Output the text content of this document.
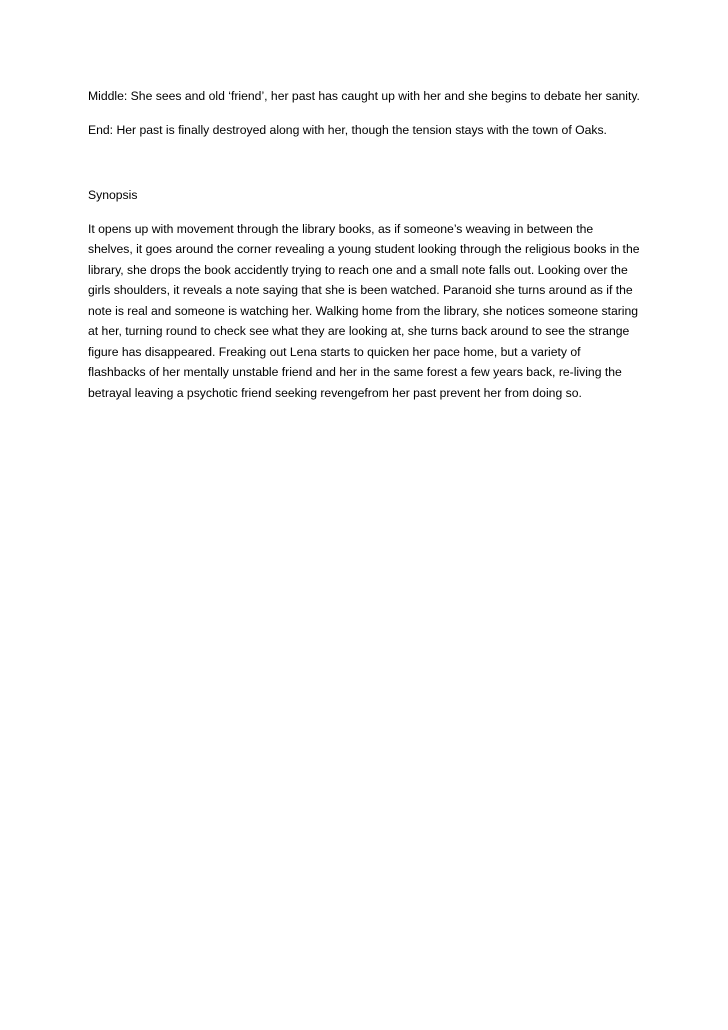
Middle: She sees and old ‘friend’, her past has caught up with her and she begins to debate her sanity.

End: Her past is finally destroyed along with her, though the tension stays with the town of Oaks.

Synopsis

It opens up with movement through the library books, as if someone’s weaving in between the shelves, it goes around the corner revealing a young student looking through the religious books in the library, she drops the book accidently trying to reach one and a small note falls out. Looking over the girls shoulders, it reveals a note saying that she is been watched. Paranoid she turns around as if the note is real and someone is watching her. Walking home from the library, she notices someone staring at her, turning round to check see what they are looking at, she turns back around to see the strange figure has disappeared. Freaking out Lena starts to quicken her pace home, but a variety of flashbacks of her mentally unstable friend and her in the same forest a few years back, re-living the betrayal leaving a psychotic friend seeking revengefrom her past prevent her from doing so.
